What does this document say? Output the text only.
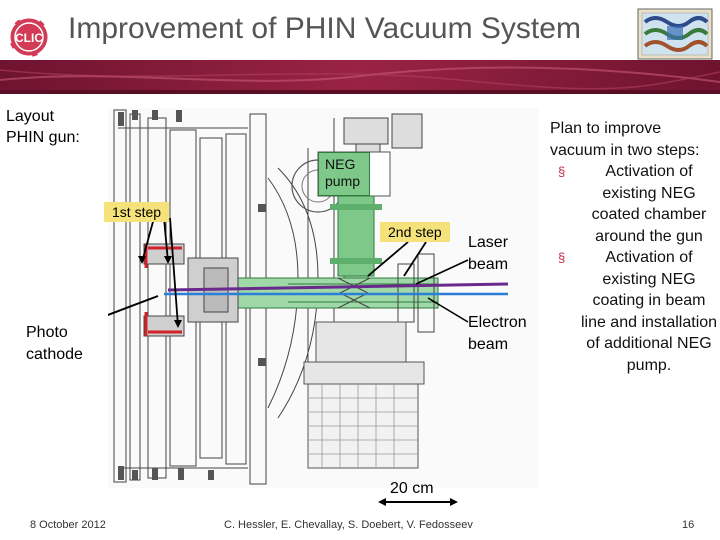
CLIC Improvement of PHIN Vacuum System
Layout PHIN gun:
NEG pump
1st step
2nd step
Laser beam
Electron beam
Photo cathode
Plan to improve vacuum in two steps:
§	Activation of existing NEG coated chamber around the gun
§	Activation of existing NEG coating in beam line and installation of additional NEG pump.
20 cm
8 October 2012	C. Hessler, E. Chevallay, S. Doebert, V. Fedosseev	16
